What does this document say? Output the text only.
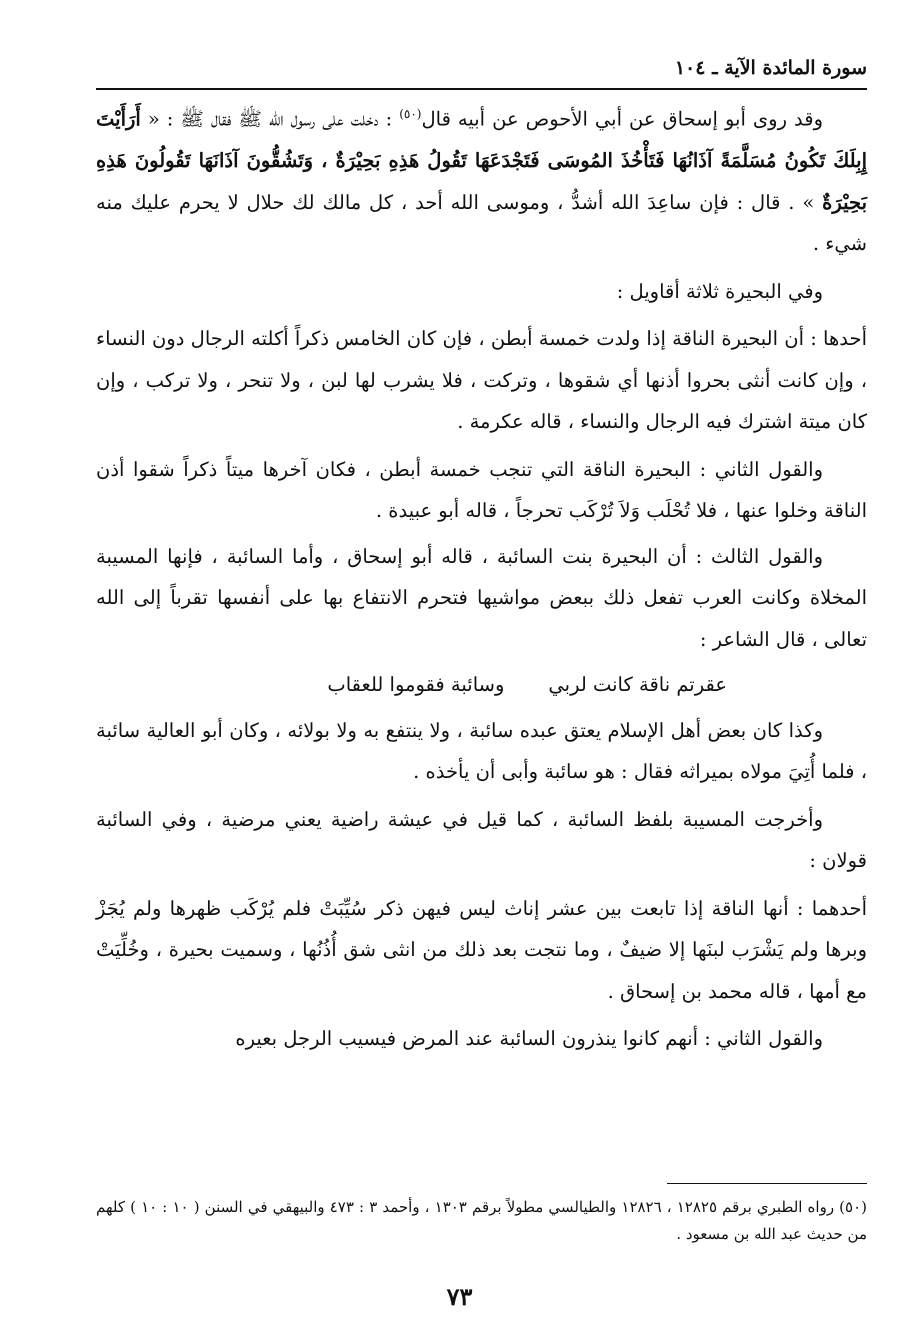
سورة المائدة الآية ـ ١٠٤

وقد روى أبو إسحاق عن أبي الأحوص عن أبيه قال$^{(٥٠)}$ : دخلت على رسول الله ﷺ فقال ﷺ : « أَرَأَيْتَ إِبِلَكَ تَكُونُ مُسَلَّمَةً آذَانُهَا فَتَأْخُذَ المُوسَى فَتَجْدَعَهَا تَقُولُ هَذِهِ بَحِيْرَةٌ ، وَتَشُقُّونَ آذَانَهَا تَقُولُونَ هَذِهِ بَحِيْرَةٌ » . قال : فإن ساعِدَ الله أشدُّ ، وموسى الله أحد ، كل مالك لك حلال لا يحرم عليك منه شيء .

وفي البحيرة ثلاثة أقاويل :

أحدها : أن البحيرة الناقة إذا ولدت خمسة أبطن ، فإن كان الخامس ذكراً أكلته الرجال دون النساء ، وإن كانت أنثى بحروا أذنها أي شقوها ، وتركت ، فلا يشرب لها لبن ، ولا تنحر ، ولا تركب ، وإن كان ميتة اشترك فيه الرجال والنساء ، قاله عكرمة .

والقول الثاني : البحيرة الناقة التي تنجب خمسة أبطن ، فكان آخرها ميتاً ذكراً شقوا أذن الناقة وخلوا عنها ، فلا تُحْلَب وَلاَ تُرْكَب تحرجاً ، قاله أبو عبيدة .

والقول الثالث : أن البحيرة بنت السائبة ، قاله أبو إسحاق ، وأما السائبة ، فإنها المسيبة المخلاة وكانت العرب تفعل ذلك ببعض مواشيها فتحرم الانتفاع بها على أنفسها تقرباً إلى الله تعالى ، قال الشاعر :

عقرتم ناقة كانت لربيوسائبة فقوموا للعقاب

وكذا كان بعض أهل الإسلام يعتق عبده سائبة ، ولا ينتفع به ولا بولائه ، وكان أبو العالية سائبة ، فلما أُتِيَ مولاه بميراثه فقال : هو سائبة وأبى أن يأخذه .

وأخرجت المسيبة بلفظ السائبة ، كما قيل في عيشة راضية يعني مرضية ، وفي السائبة قولان :

أحدهما : أنها الناقة إذا تابعت بين عشر إناث ليس فيهن ذكر سُيِّبَتْ فلم يُرْكَب ظهرها ولم يُجَزْ وبرها ولم يَشْرَب لبنَها إلا ضيفٌ ، وما نتجت بعد ذلك من انثى شق أُذُنُها ، وسميت بحيرة ، وخُلِّيَتْ مع أمها ، قاله محمد بن إسحاق .

والقول الثاني : أنهم كانوا ينذرون السائبة عند المرض فيسيب الرجل بعيره

(٥٠) رواه الطبري برقم ١٢٨٢٥ ، ١٢٨٢٦ والطيالسي مطولاً برقم ١٣٠٣ ، وأحمد ٣ : ٤٧٣ والبيهقي في السنن ( ١٠ : ١٠ ) كلهم من حديث عبد الله بن مسعود .

٧٣
